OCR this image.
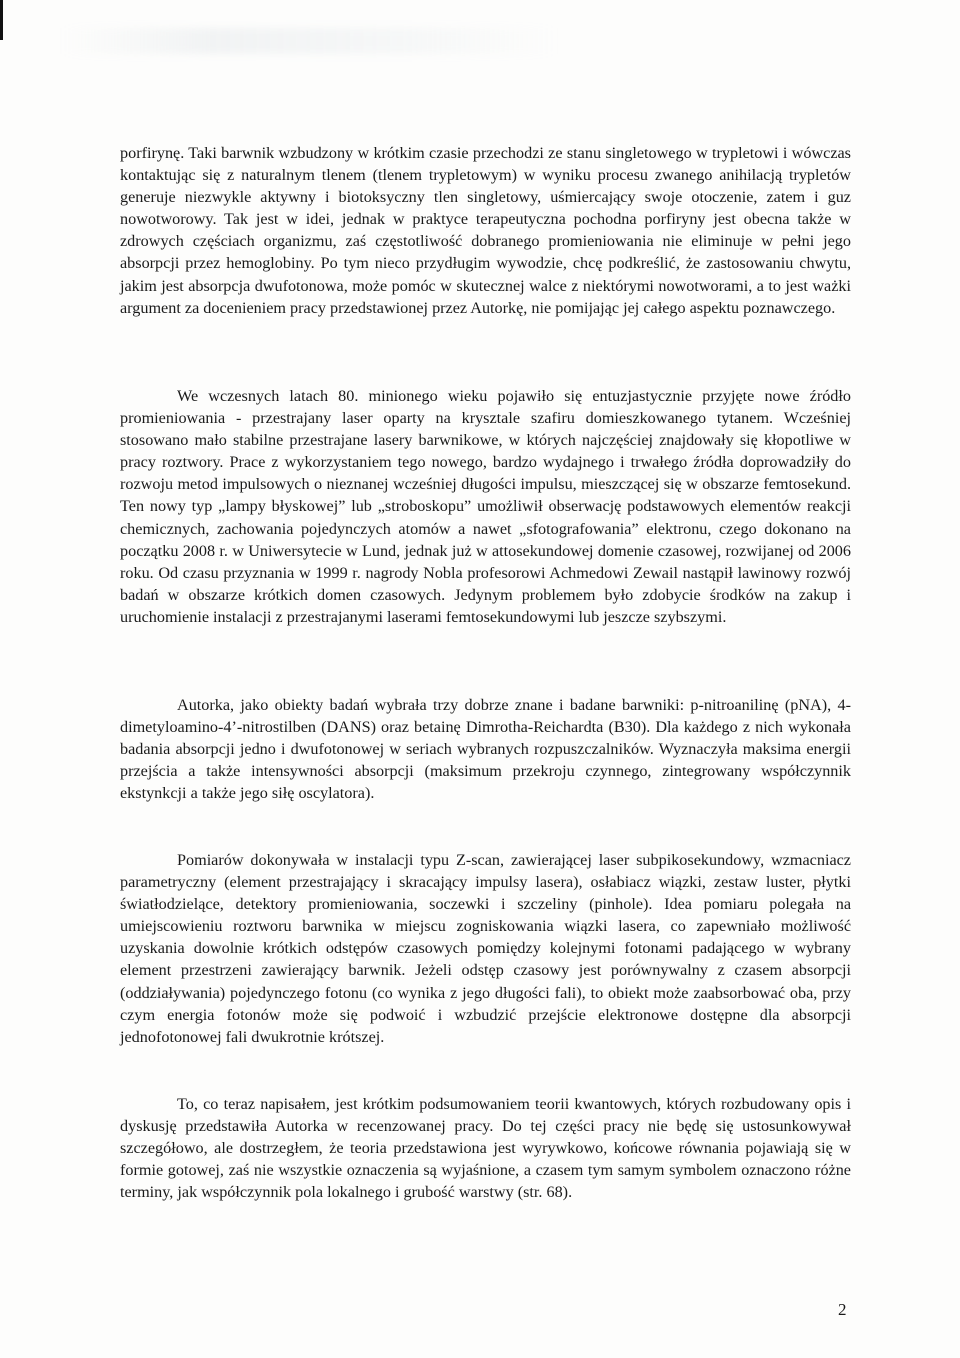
porfirynę. Taki barwnik wzbudzony w krótkim czasie przechodzi ze stanu singletowego w trypletowi i wówczas kontaktując się z naturalnym tlenem (tlenem trypletowym) w wyniku procesu zwanego anihilacją trypletów generuje niezwykle aktywny i biotoksyczny tlen singletowy, uśmiercający swoje otoczenie, zatem i guz nowotworowy. Tak jest w idei, jednak w praktyce terapeutyczna pochodna porfiryny jest obecna także w zdrowych częściach organizmu, zaś częstotliwość dobranego promieniowania nie eliminuje w pełni jego absorpcji przez hemoglobiny. Po tym nieco przydługim wywodzie, chcę podkreślić, że zastosowaniu chwytu, jakim jest absorpcja dwufotonowa, może pomóc w skutecznej walce z niektórymi nowotworami, a to jest ważki argument za docenieniem pracy przedstawionej przez Autorkę, nie pomijając jej całego aspektu poznawczego.

We wczesnych latach 80. minionego wieku pojawiło się entuzjastycznie przyjęte nowe źródło promieniowania - przestrajany laser oparty na krysztale szafiru domieszkowanego tytanem. Wcześniej stosowano mało stabilne przestrajane lasery barwnikowe, w których najczęściej znajdowały się kłopotliwe w pracy roztwory. Prace z wykorzystaniem tego nowego, bardzo wydajnego i trwałego źródła doprowadziły do rozwoju metod impulsowych o nieznanej wcześniej długości impulsu, mieszczącej się w obszarze femtosekund. Ten nowy typ „lampy błyskowej” lub „stroboskopu” umożliwił obserwację podstawowych elementów reakcji chemicznych, zachowania pojedynczych atomów a nawet „sfotografowania” elektronu, czego dokonano na początku 2008 r. w Uniwersytecie w Lund, jednak już w attosekundowej domenie czasowej, rozwijanej od 2006 roku. Od czasu przyznania w 1999 r. nagrody Nobla profesorowi Achmedowi Zewail nastąpił lawinowy rozwój badań w obszarze krótkich domen czasowych. Jedynym problemem było zdobycie środków na zakup i uruchomienie instalacji z przestrajanymi laserami femtosekundowymi lub jeszcze szybszymi.

Autorka, jako obiekty badań wybrała trzy dobrze znane i badane barwniki: p-nitroanilinę (pNA), 4-dimetyloamino-4’-nitrostilben (DANS) oraz betainę Dimrotha-Reichardta (B30). Dla każdego z nich wykonała badania absorpcji jedno i dwufotonowej w seriach wybranych rozpuszczalników. Wyznaczyła maksima energii przejścia a także intensywności absorpcji (maksimum przekroju czynnego, zintegrowany współczynnik ekstynkcji a także jego siłę oscylatora).

Pomiarów dokonywała w instalacji typu Z-scan, zawierającej laser subpikosekundowy, wzmacniacz parametryczny (element przestrajający i skracający impulsy lasera), osłabiacz wiązki, zestaw luster, płytki światłodzielące, detektory promieniowania, soczewki i szczeliny (pinhole). Idea pomiaru polegała na umiejscowieniu roztworu barwnika w miejscu zogniskowania wiązki lasera, co zapewniało możliwość uzyskania dowolnie krótkich odstępów czasowych pomiędzy kolejnymi fotonami padającego w wybrany element przestrzeni zawierający barwnik. Jeżeli odstęp czasowy jest porównywalny z czasem absorpcji (oddziaływania) pojedynczego fotonu (co wynika z jego długości fali), to obiekt może zaabsorbować oba, przy czym energia fotonów może się podwoić i wzbudzić przejście elektronowe dostępne dla absorpcji jednofotonowej fali dwukrotnie krótszej.

To, co teraz napisałem, jest krótkim podsumowaniem teorii kwantowych, których rozbudowany opis i dyskusję przedstawiła Autorka w recenzowanej pracy. Do tej części pracy nie będę się ustosunkowywał szczegółowo, ale dostrzegłem, że teoria przedstawiona jest wyrywkowo, końcowe równania pojawiają się w formie gotowej, zaś nie wszystkie oznaczenia są wyjaśnione, a czasem tym samym symbolem oznaczono różne terminy, jak współczynnik pola lokalnego i grubość warstwy (str. 68).

2
